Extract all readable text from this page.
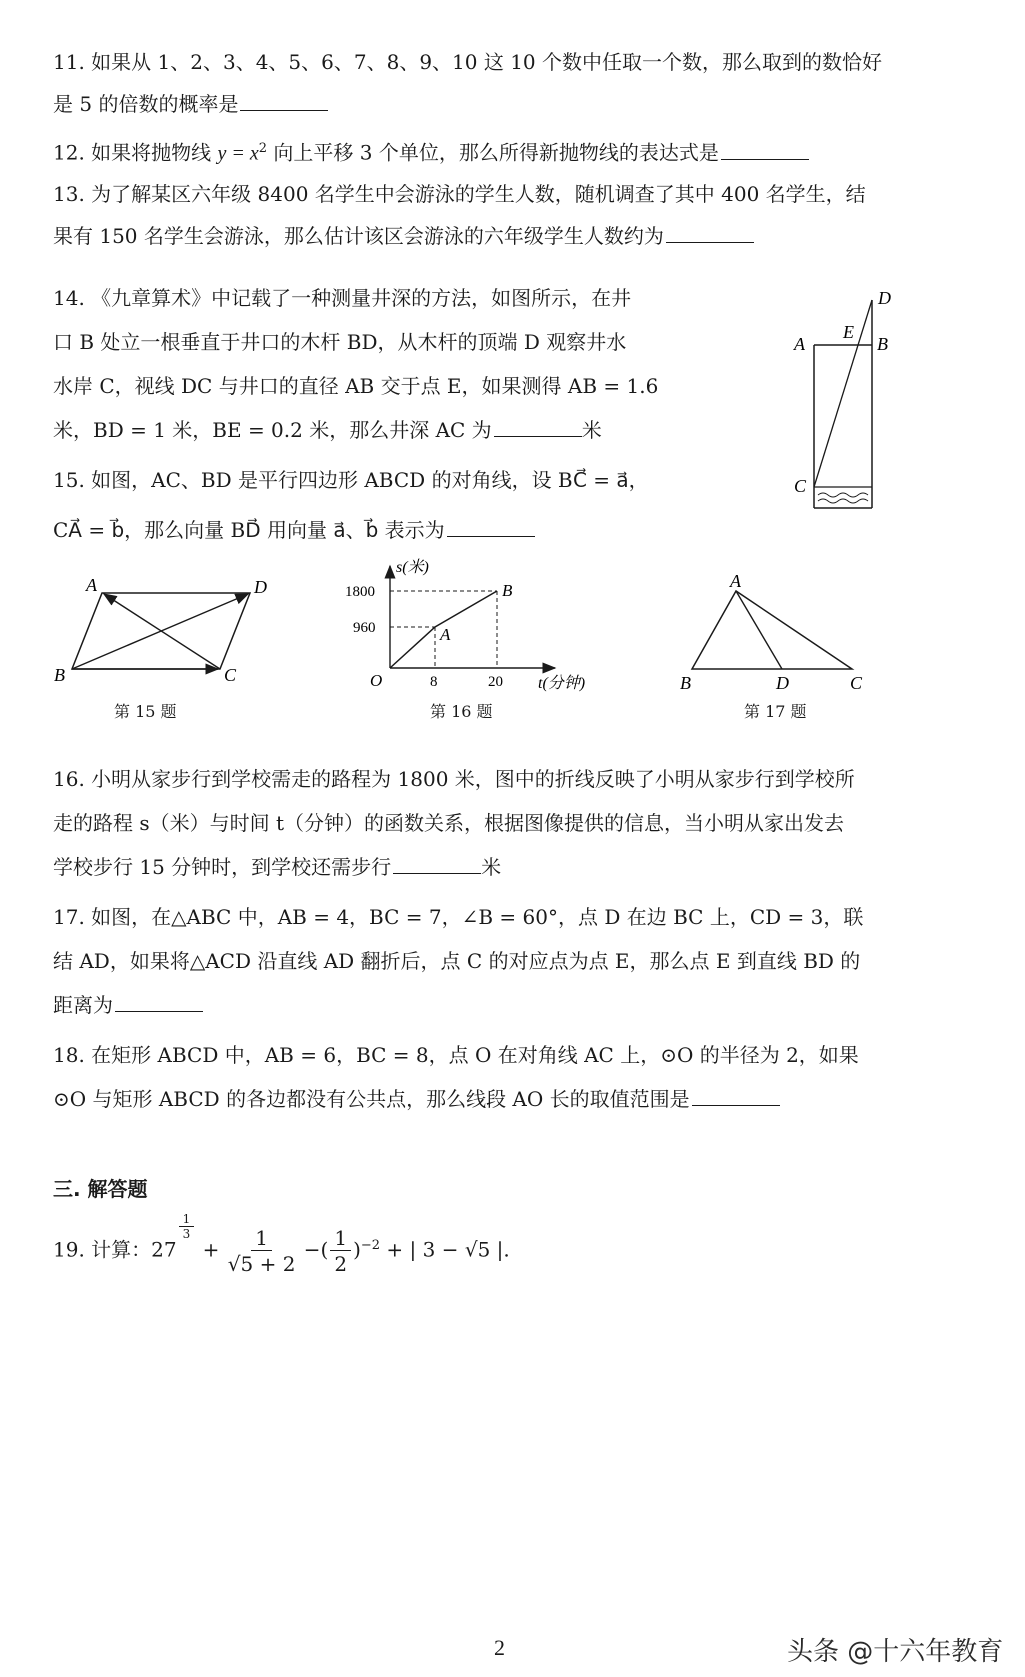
11. 如果从 1、2、3、4、5、6、7、8、9、10 这 10 个数中任取一个数，那么取到的数恰好
是 5 的倍数的概率是
12. 如果将抛物线 $y = x^2$ 向上平移 3 个单位，那么所得新抛物线的表达式是
13. 为了解某区六年级 8400 名学生中会游泳的学生人数，随机调查了其中 400 名学生，结
果有 150 名学生会游泳，那么估计该区会游泳的六年级学生人数约为
14. 《九章算术》中记载了一种测量井深的方法，如图所示，在井
口 B 处立一根垂直于井口的木杆 BD，从木杆的顶端 D 观察井水
水岸 C，视线 DC 与井口的直径 AB 交于点 E，如果测得 AB = 1.6
米，BD = 1 米，BE = 0.2 米，那么井深 AC 为	米
D
E
A	B
C
15. 如图，AC、BD 是平行四边形 ABCD 的对角线，设 BC⃗ = a⃗，
CA⃗ = b⃗，那么向量 BD⃗ 用向量 a⃗、b⃗ 表示为
A	D
B	C
第 15 题
s(米)
t(分钟)
1800
960
8	20
O
A
B
第 16 题
A
B	D	C
第 17 题
16. 小明从家步行到学校需走的路程为 1800 米，图中的折线反映了小明从家步行到学校所
走的路程 s（米）与时间 t（分钟）的函数关系，根据图像提供的信息，当小明从家出发去
学校步行 15 分钟时，到学校还需步行	米
17. 如图，在△ABC 中，AB = 4，BC = 7，∠B = 60°，点 D 在边 BC 上，CD = 3，联
结 AD，如果将△ACD 沿直线 AD 翻折后，点 C 的对应点为点 E，那么点 E 到直线 BD 的
距离为
18. 在矩形 ABCD 中，AB = 6，BC = 8，点 O 在对角线 AC 上，⊙O 的半径为 2，如果
⊙O 与矩形 ABCD 的各边都没有公共点，那么线段 AO 长的取值范围是
三. 解答题
19. 计算：27
$\frac{1}{3}$
+ $\frac{1}{√5 + 2}$ −( $\frac{1}{2} )^{-2}$ + | 3 − √5 |.
2	头条 @十六年教育
